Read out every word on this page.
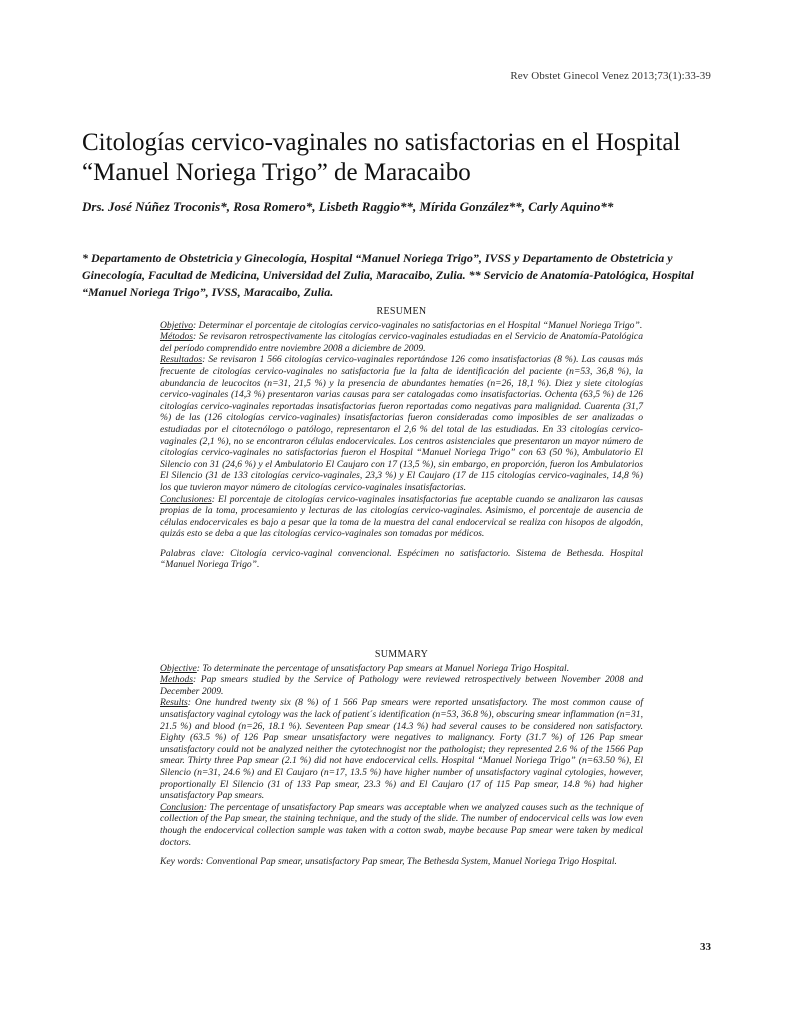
Rev Obstet Ginecol Venez 2013;73(1):33-39
Citologías cervico-vaginales no satisfactorias en el Hospital “Manuel Noriega Trigo” de Maracaibo

Drs. José Núñez Troconis*, Rosa Romero*, Lisbeth Raggio**, Mírida González**, Carly Aquino**

* Departamento de Obstetricia y Ginecología, Hospital “Manuel Noriega Trigo”, IVSS y Departamento de Obstetricia y Ginecología, Facultad de Medicina, Universidad del Zulia, Maracaibo, Zulia. ** Servicio de Anatomía-Patológica, Hospital “Manuel Noriega Trigo”, IVSS, Maracaibo, Zulia.

RESUMEN

Objetivo: Determinar el porcentaje de citologías cervico-vaginales no satisfactorias en el Hospital “Manuel Noriega Trigo”.

Métodos: Se revisaron retrospectivamente las citologías cervico-vaginales estudiadas en el Servicio de Anatomía-Patológica del período comprendido entre noviembre 2008 a diciembre de 2009.

Resultados: Se revisaron 1 566 citologías cervico-vaginales reportándose 126 como insatisfactorias (8 %). Las causas más frecuente de citologías cervico-vaginales no satisfactoria fue la falta de identificación del paciente (n=53, 36,8 %), la abundancia de leucocitos (n=31, 21,5 %) y la presencia de abundantes hematíes (n=26, 18,1 %). Diez y siete citologías cervico-vaginales (14,3 %) presentaron varias causas para ser catalogadas como insatisfactorias. Ochenta (63,5 %) de 126 citologías cervico-vaginales reportadas insatisfactorias fueron reportadas como negativas para malignidad. Cuarenta (31,7 %) de las (126 citologías cervico-vaginales) insatisfactorias fueron consideradas como imposibles de ser analizadas o estudiadas por el citotecnólogo o patólogo, representaron el 2,6 % del total de las estudiadas. En 33 citologías cervico-vaginales (2,1 %), no se encontraron células endocervicales. Los centros asistenciales que presentaron un mayor número de citologías cervico-vaginales no satisfactorias fueron el Hospital “Manuel Noriega Trigo” con 63 (50 %), Ambulatorio El Silencio con 31 (24,6 %) y el Ambulatorio El Caujaro con 17 (13,5 %), sin embargo, en proporción, fueron los Ambulatorios El Silencio (31 de 133 citologías cervico-vaginales, 23,3 %) y El Caujaro (17 de 115 citologías cervico-vaginales, 14,8 %) los que tuvieron mayor número de citologías cervico-vaginales insatisfactorias.

Conclusiones: El porcentaje de citologías cervico-vaginales insatisfactorias fue aceptable cuando se analizaron las causas propias de la toma, procesamiento y lecturas de las citologías cervico-vaginales. Asimismo, el porcentaje de ausencia de células endocervicales es bajo a pesar que la toma de la muestra del canal endocervical se realiza con hisopos de algodón, quizás esto se deba a que las citologías cervico-vaginales son tomadas por médicos.

Palabras clave: Citología cervico-vaginal convencional. Espécimen no satisfactorio. Sistema de Bethesda. Hospital “Manuel Noriega Trigo”.

SUMMARY

Objective: To determinate the percentage of unsatisfactory Pap smears at Manuel Noriega Trigo Hospital.

Methods: Pap smears studied by the Service of Pathology were reviewed retrospectively between November 2008 and December 2009.

Results: One hundred twenty six (8 %) of 1 566 Pap smears were reported unsatisfactory. The most common cause of unsatisfactory vaginal cytology was the lack of patient´s identification (n=53, 36.8 %), obscuring smear inflammation (n=31, 21.5 %) and blood (n=26, 18.1 %). Seventeen Pap smear (14.3 %) had several causes to be considered non satisfactory. Eighty (63.5 %) of 126 Pap smear unsatisfactory were negatives to malignancy. Forty (31.7 %) of 126 Pap smear unsatisfactory could not be analyzed neither the cytotechnogist nor the pathologist; they represented 2.6 % of the 1566 Pap smear. Thirty three Pap smear (2.1 %) did not have endocervical cells. Hospital “Manuel Noriega Trigo” (n=63.50 %), El Silencio (n=31, 24.6 %) and El Caujaro (n=17, 13.5 %) have higher number of unsatisfactory vaginal cytologies, however, proportionally El Silencio (31 of 133 Pap smear, 23.3 %) and El Caujaro (17 of 115 Pap smear, 14.8 %) had higher unsatisfactory Pap smears.

Conclusion: The percentage of unsatisfactory Pap smears was acceptable when we analyzed causes such as the technique of collection of the Pap smear, the staining technique, and the study of the slide. The number of endocervical cells was low even though the endocervical collection sample was taken with a cotton swab, maybe because Pap smear were taken by medical doctors.

Key words: Conventional Pap smear, unsatisfactory Pap smear, The Bethesda System, Manuel Noriega Trigo Hospital.

33
